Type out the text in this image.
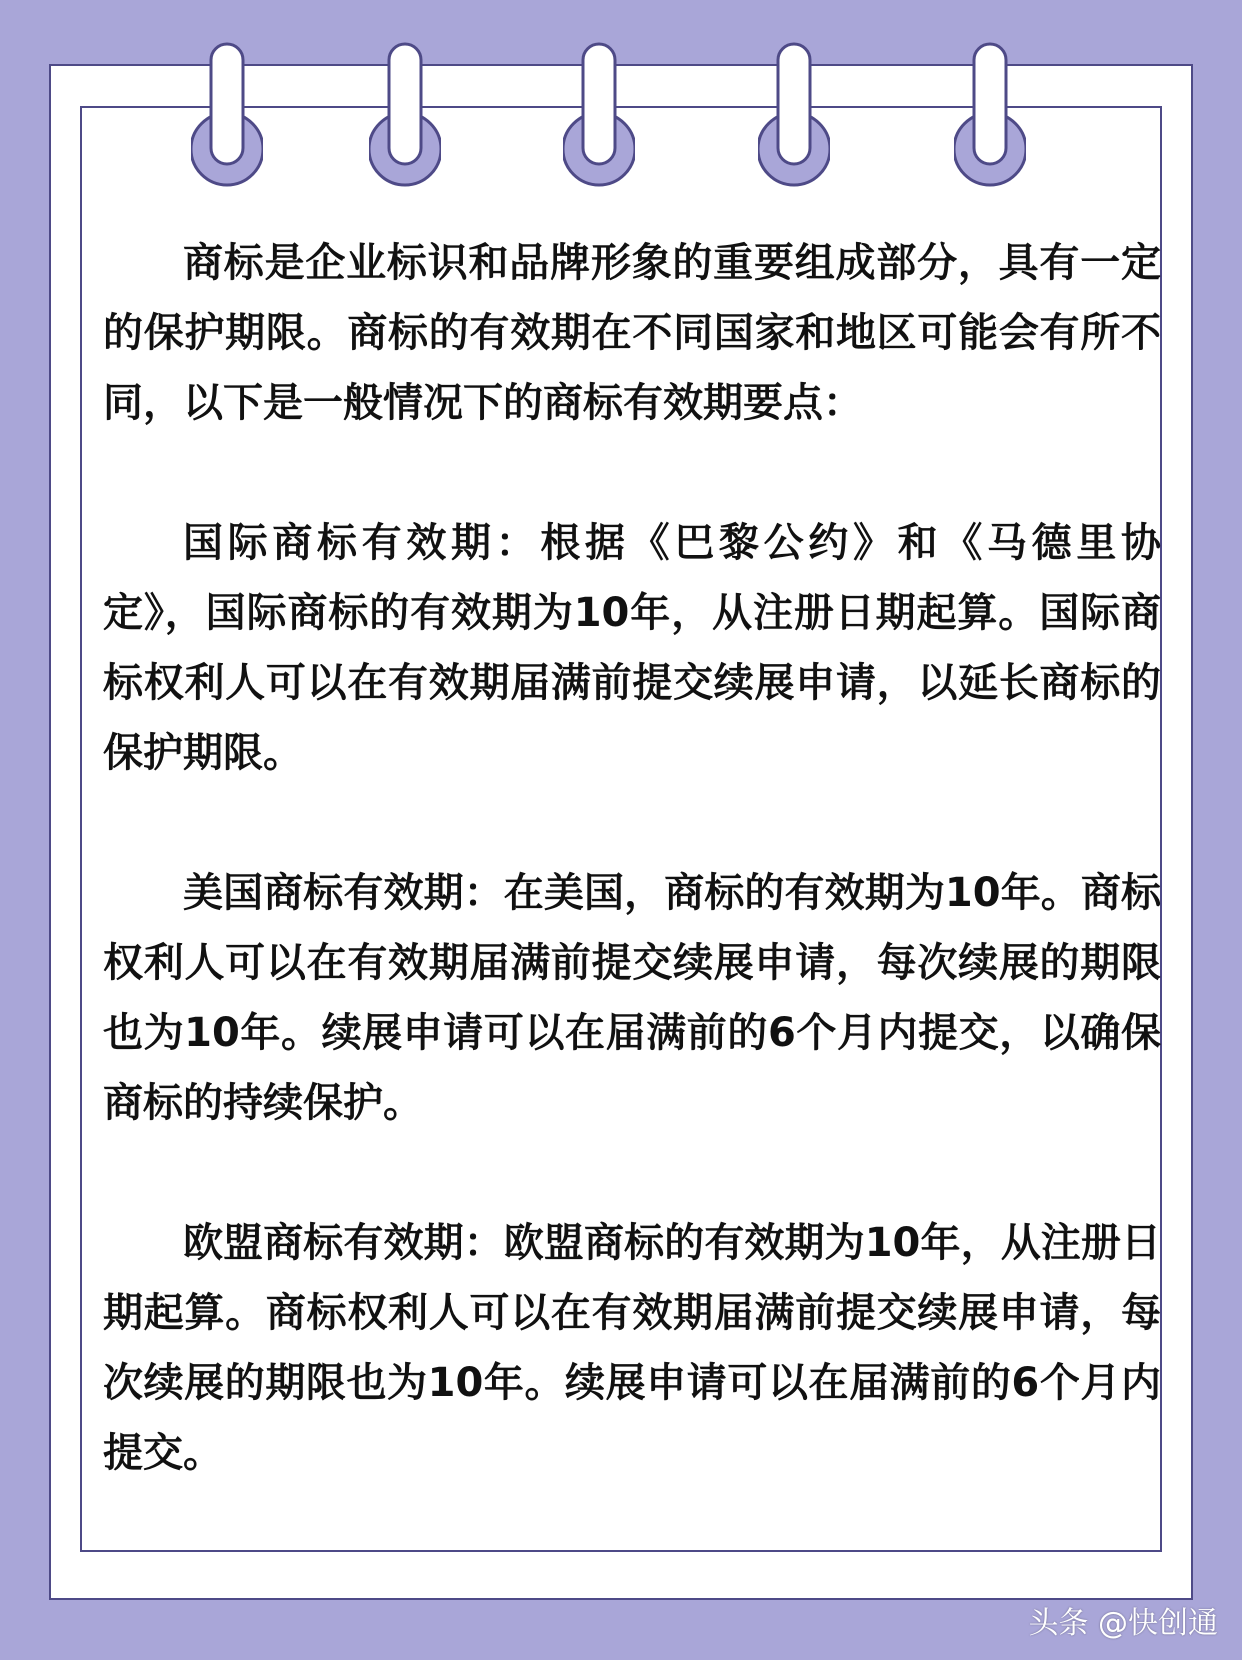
商标是企业标识和品牌形象的重要组成部分，具有一定的保护期限。商标的有效期在不同国家和地区可能会有所不同，以下是一般情况下的商标有效期要点：

国际商标有效期：根据《巴黎公约》和《马德里协定》，国际商标的有效期为10年，从注册日期起算。国际商标权利人可以在有效期届满前提交续展申请，以延长商标的保护期限。

美国商标有效期：在美国，商标的有效期为10年。商标权利人可以在有效期届满前提交续展申请，每次续展的期限也为10年。续展申请可以在届满前的6个月内提交，以确保商标的持续保护。

欧盟商标有效期：欧盟商标的有效期为10年，从注册日期起算。商标权利人可以在有效期届满前提交续展申请，每次续展的期限也为10年。续展申请可以在届满前的6个月内提交。

头条 @快创通
